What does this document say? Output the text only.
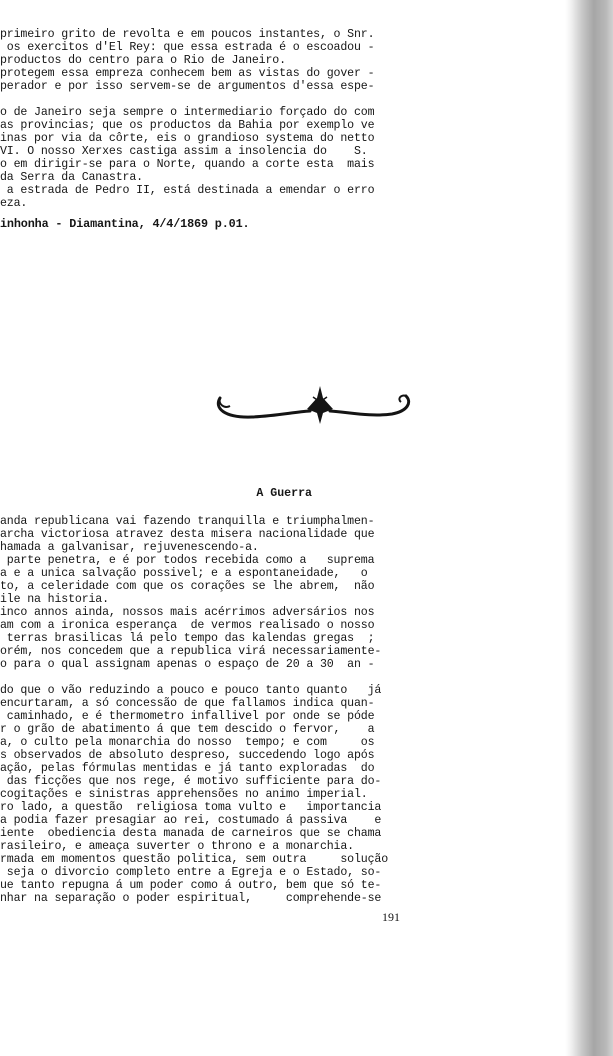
primeiro grito de revolta e em poucos instantes, o Snr.
os exercitos d'El Rey: que essa estrada é o escoadou -
productos do centro para o Rio de Janeiro.
protegem essa empreza conhecem bem as vistas do gover -
perador e por isso servem-se de argumentos d'essa espe-
o de Janeiro seja sempre o intermediario forçado do com
as provincias; que os productos da Bahia por exemplo ve
inas por via da côrte, eis o grandioso systema do netto
VI. O nosso Xerxes castiga assim a insolencia do    S.
o em dirigir-se para o Norte, quando a corte esta  mais
da Serra da Canastra.
a estrada de Pedro II, está destinada a emendar o erro
eza.
inhonha - Diamantina, 4/4/1869 p.01.
A Guerra
anda republicana vai fazendo tranquilla e triumphalmen-
archa victoriosa atravez desta misera nacionalidade que
hamada a galvanisar, rejuvenescendo-a.
parte penetra, e é por todos recebida como a   suprema
a e a unica salvação possivel; e a espontaneidade,   o
to, a celeridade com que os corações se lhe abrem,  não
ile na historia.
inco annos ainda, nossos mais acérrimos adversários nos
am com a ironica esperança  de vermos realisado o nosso
terras brasilicas lá pelo tempo das kalendas gregas  ;
orém, nos concedem que a republica virá necessariamente-
o para o qual assignam apenas o espaço de 20 a 30  an -
do que o vão reduzindo a pouco e pouco tanto quanto   já
encurtaram, a só concessão de que fallamos indica quan-
caminhado, e é thermometro infallivel por onde se póde
r o grão de abatimento á que tem descido o fervor,    a
a, o culto pela monarchia do nosso  tempo; e com     os
s observados de absoluto despreso, succedendo logo após
ação, pelas fórmulas mentidas e já tanto exploradas  do
das ficções que nos rege, é motivo sufficiente para do-
cogitações e sinistras apprehensões no animo imperial.
ro lado, a questão  religiosa toma vulto e   importancia
a podia fazer presagiar ao rei, costumado á passiva    e
iente  obediencia desta manada de carneiros que se chama
rasileiro, e ameaça suverter o throno e a monarchia.
rmada em momentos questão politica, sem outra     solução
seja o divorcio completo entre a Egreja e o Estado, so-
ue tanto repugna á um poder como á outro, bem que só te-
nhar na separação o poder espiritual,     comprehende-se
191
